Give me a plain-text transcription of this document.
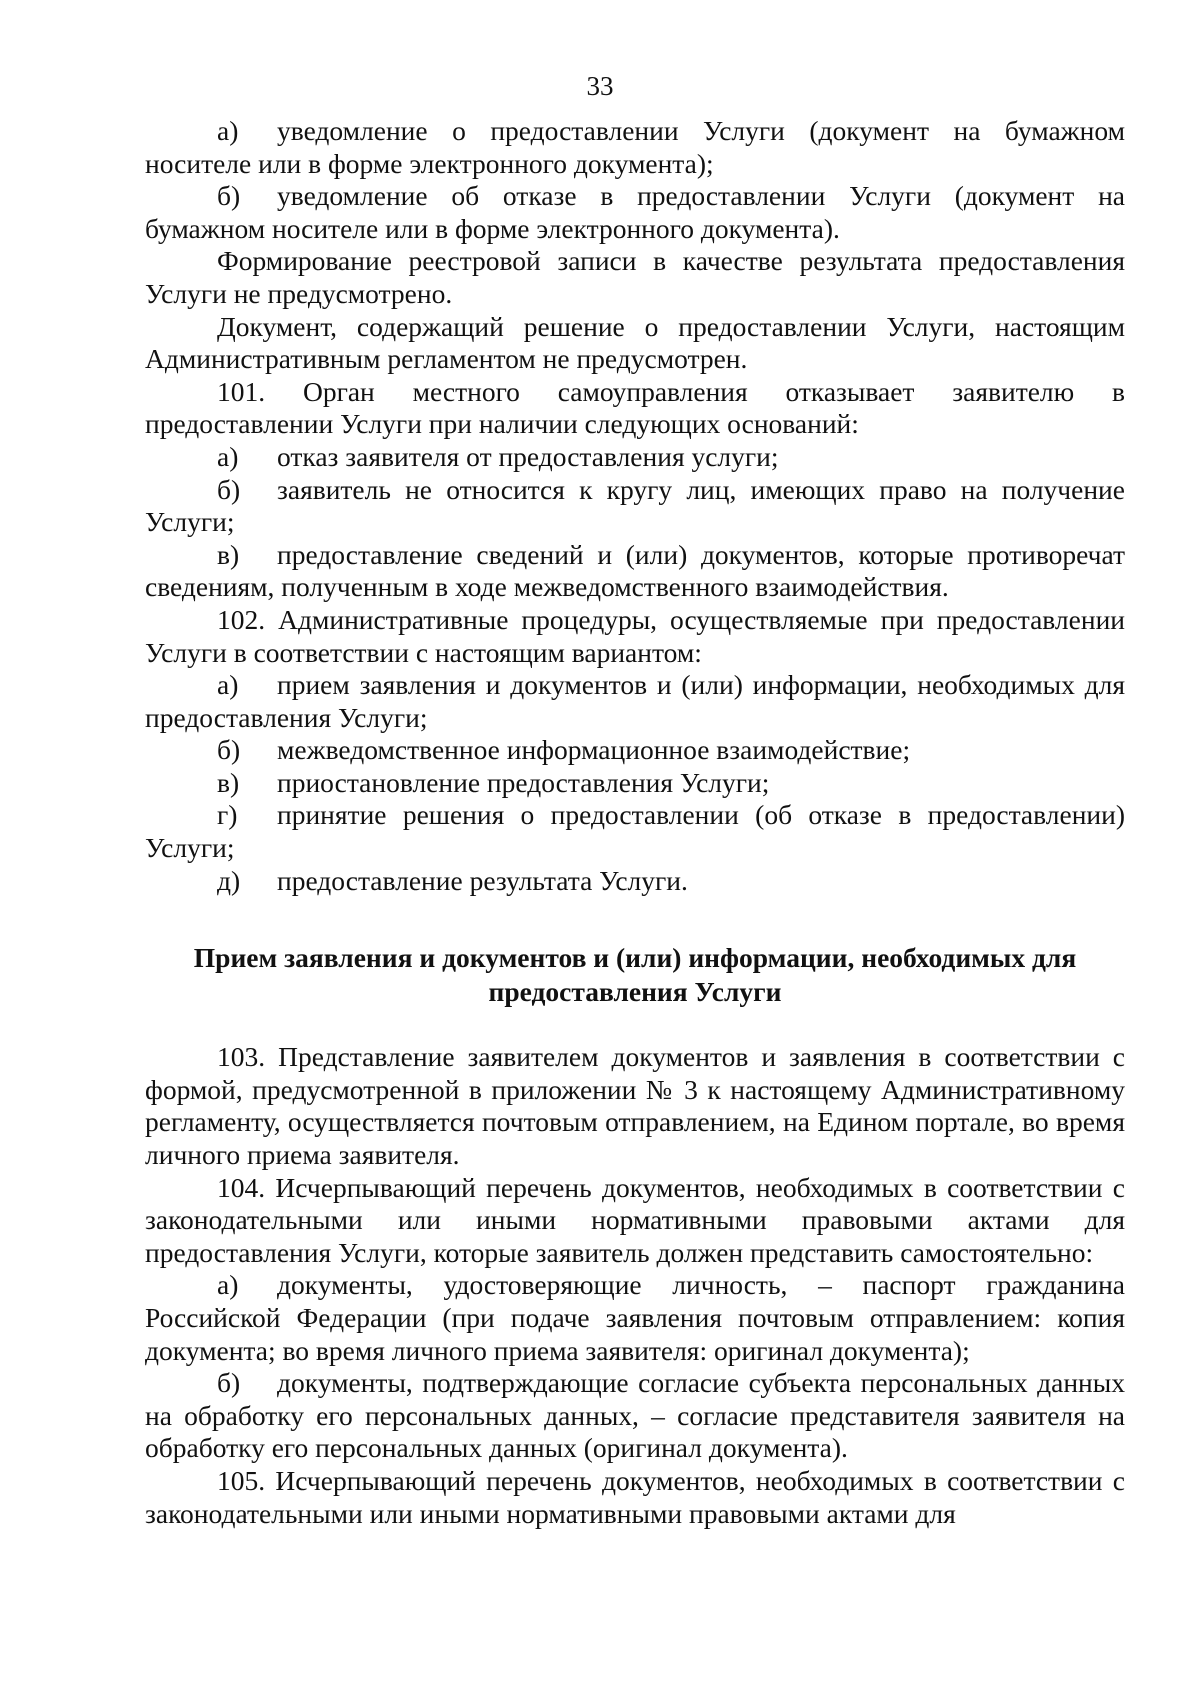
33

а) уведомление о предоставлении Услуги (документ на бумажном носителе или в форме электронного документа);

б) уведомление об отказе в предоставлении Услуги (документ на бумажном носителе или в форме электронного документа).

Формирование реестровой записи в качестве результата предоставления Услуги не предусмотрено.

Документ, содержащий решение о предоставлении Услуги, настоящим Административным регламентом не предусмотрен.

101. Орган местного самоуправления отказывает заявителю в предоставлении Услуги при наличии следующих оснований:

а) отказ заявителя от предоставления услуги;

б) заявитель не относится к кругу лиц, имеющих право на получение Услуги;

в) предоставление сведений и (или) документов, которые противоречат сведениям, полученным в ходе межведомственного взаимодействия.

102. Административные процедуры, осуществляемые при предоставлении Услуги в соответствии с настоящим вариантом:

а) прием заявления и документов и (или) информации, необходимых для предоставления Услуги;

б) межведомственное информационное взаимодействие;

в) приостановление предоставления Услуги;

г) принятие решения о предоставлении (об отказе в предоставлении) Услуги;

д) предоставление результата Услуги.

Прием заявления и документов и (или) информации, необходимых для предоставления Услуги

103. Представление заявителем документов и заявления в соответствии с формой, предусмотренной в приложении № 3 к настоящему Административному регламенту, осуществляется почтовым отправлением, на Едином портале, во время личного приема заявителя.

104. Исчерпывающий перечень документов, необходимых в соответствии с законодательными или иными нормативными правовыми актами для предоставления Услуги, которые заявитель должен представить самостоятельно:

а) документы, удостоверяющие личность, – паспорт гражданина Российской Федерации (при подаче заявления почтовым отправлением: копия документа; во время личного приема заявителя: оригинал документа);

б) документы, подтверждающие согласие субъекта персональных данных на обработку его персональных данных, – согласие представителя заявителя на обработку его персональных данных (оригинал документа).

105. Исчерпывающий перечень документов, необходимых в соответствии с законодательными или иными нормативными правовыми актами для
